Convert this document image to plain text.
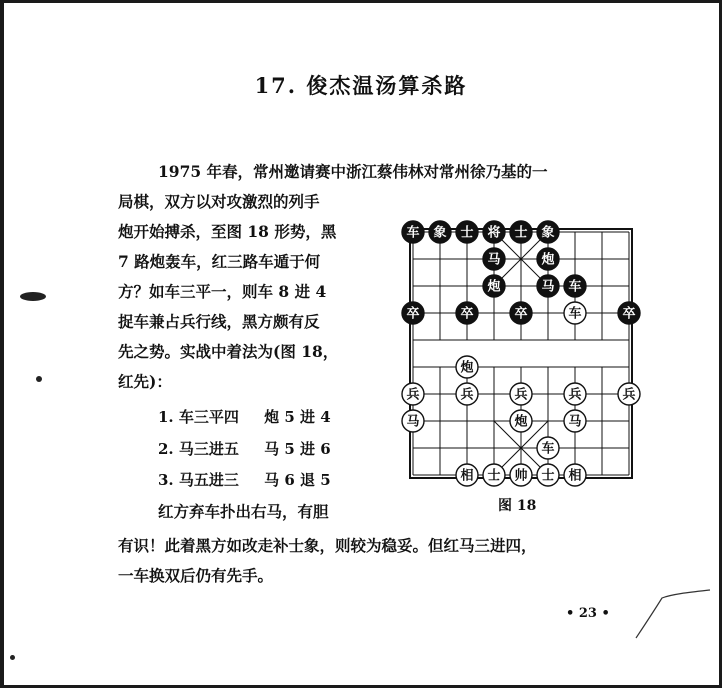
17. 俊杰温汤算杀路
1975 年春，常州邀请赛中浙江蔡伟林对常州徐乃基的一
局棋，双方以对攻激烈的列手
炮开始搏杀，至图 18 形势，黑
7 路炮轰车，红三路车遁于何
方？如车三平一，则车 8 进 4
捉车兼占兵行线，黑方颇有反
先之势。实战中着法为(图 18，
红先)：
1. 车三平四 炮 5 进 4
2. 马三进五 马 5 进 6
3. 马五进三 马 6 退 5
红方弃车扑出右马，有胆
有识！此着黑方如改走补士象，则较为稳妥。但红马三进四，
一车换双后仍有先手。
车 象 士 将 士 象
马	炮
炮	马 车
卒	卒	卒	卒
车
炮
兵	兵	兵	兵	兵
马	炮	马
车
相 士 帅 士 相
图 18
• 23 •
